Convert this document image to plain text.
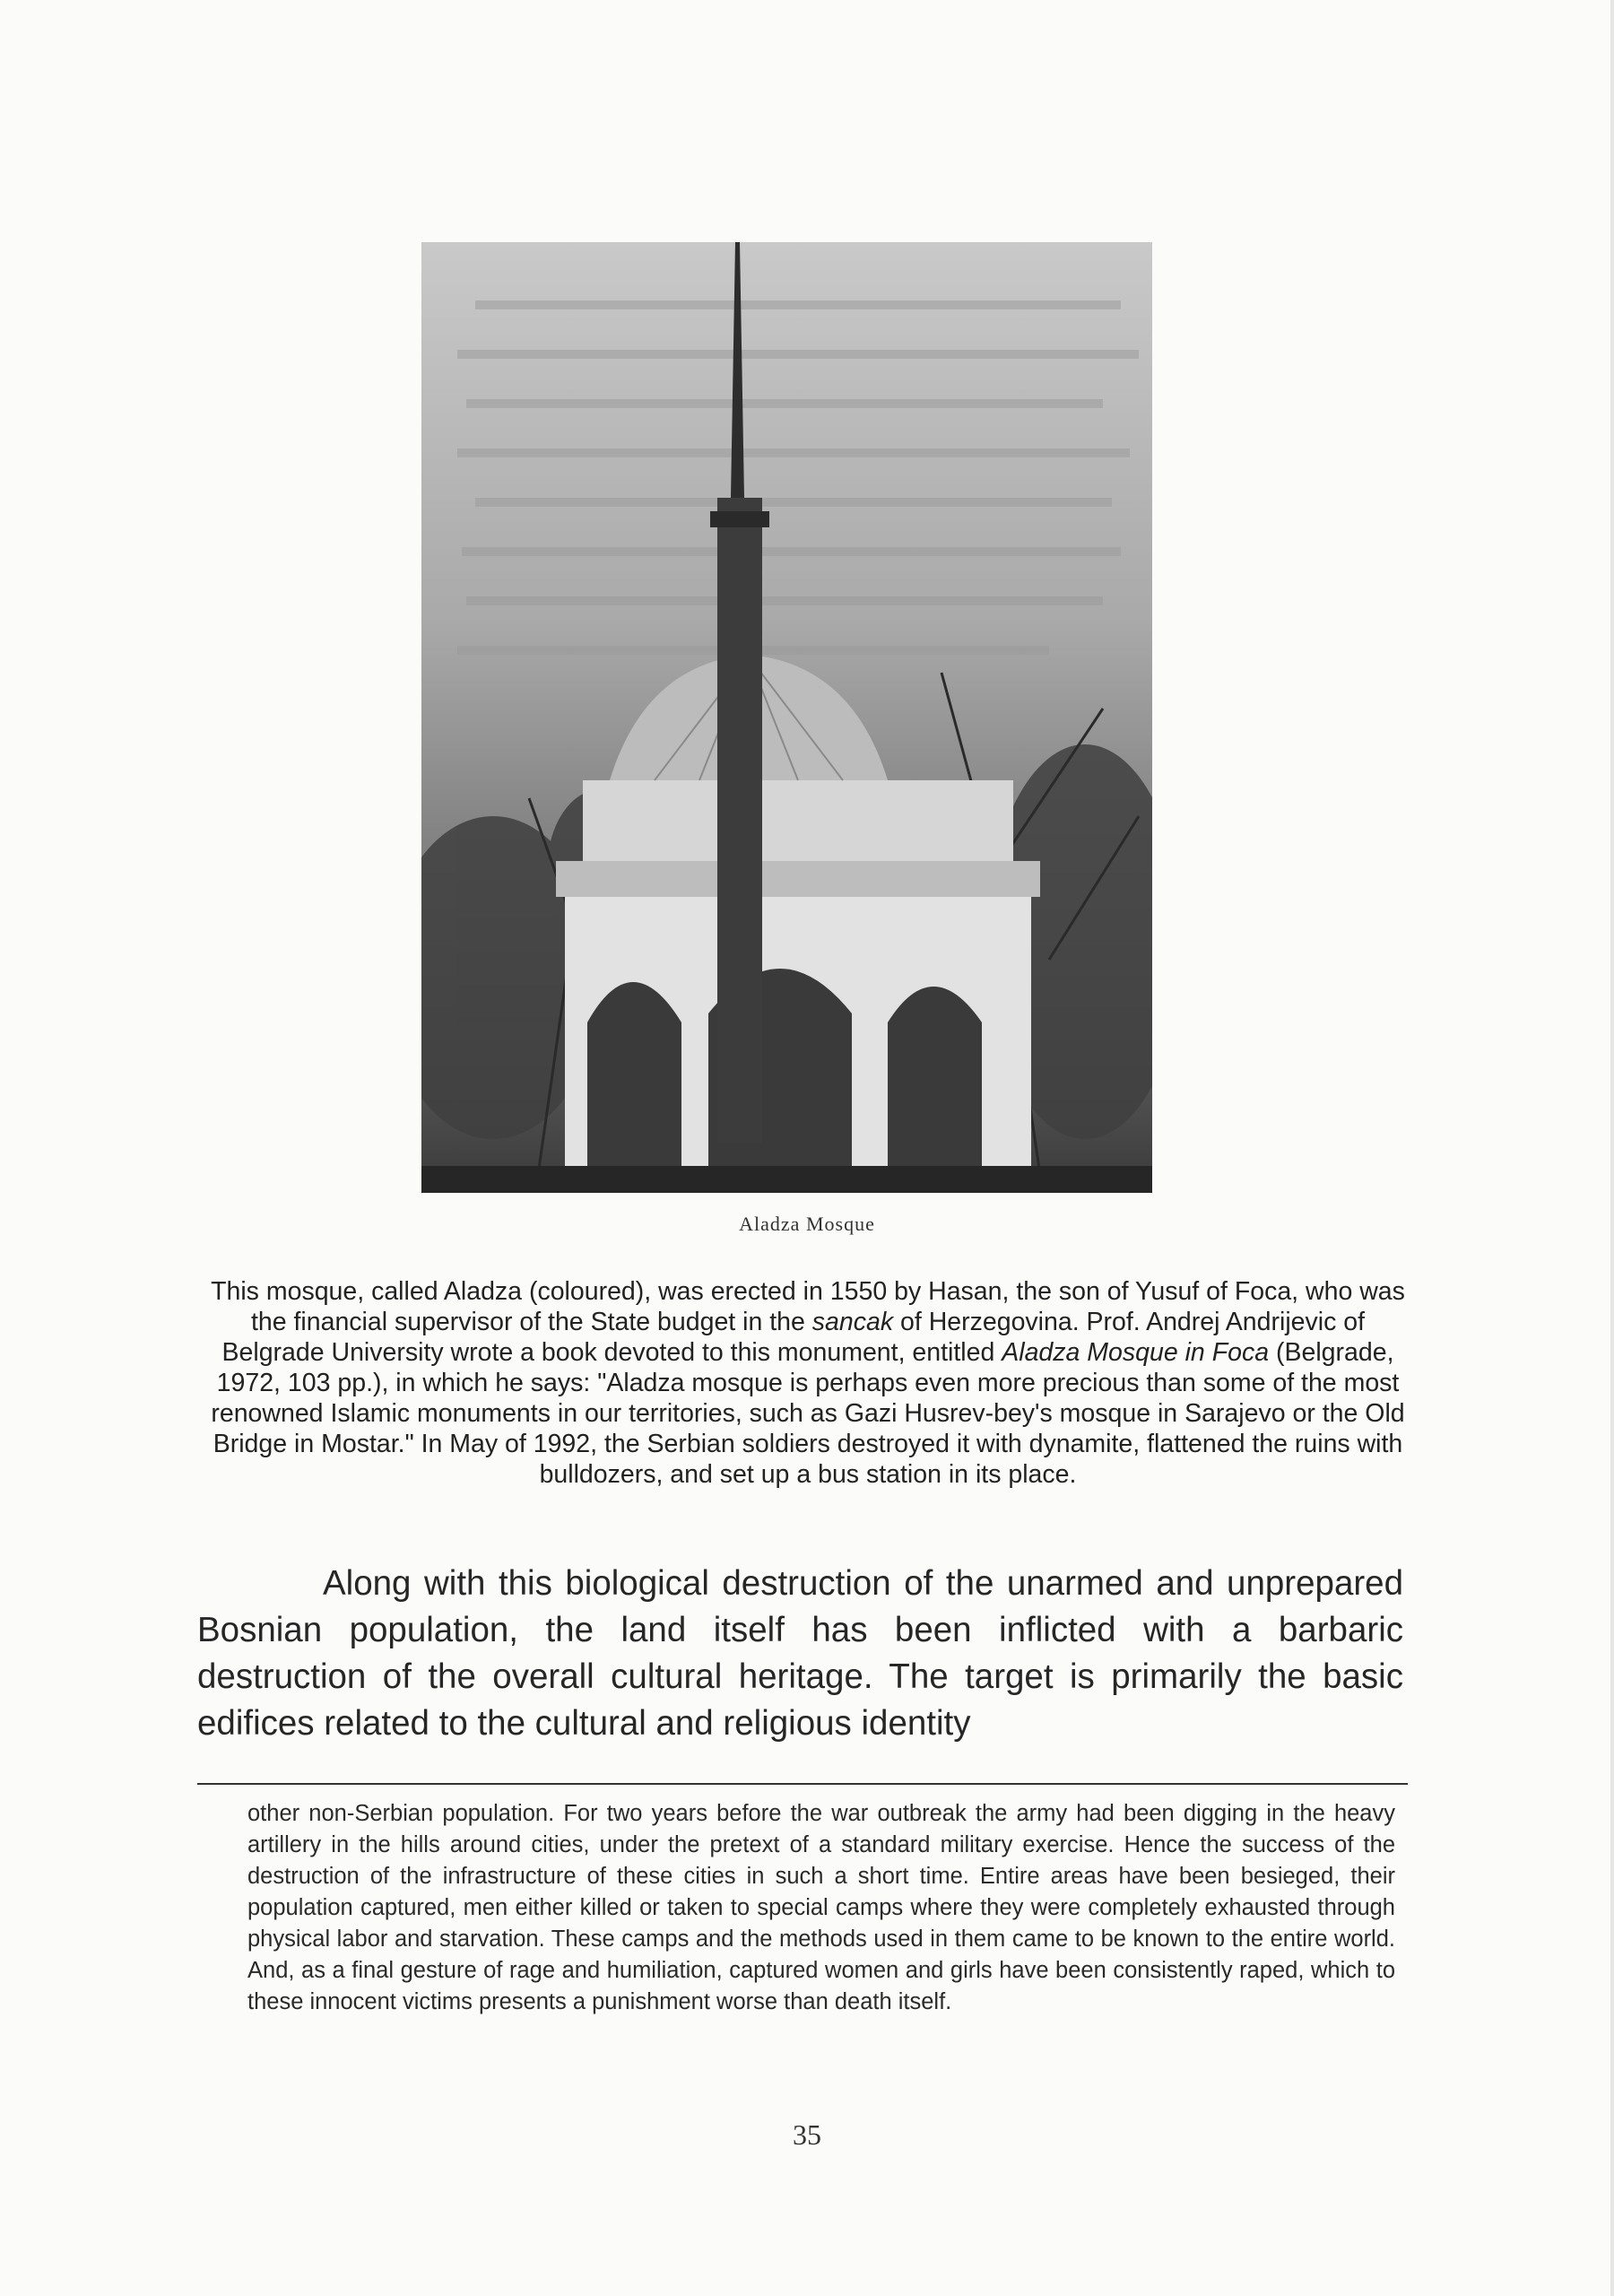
Aladza Mosque
This mosque, called Aladza (coloured), was erected in 1550 by Hasan, the son of Yusuf of Foca, who was the financial supervisor of the State budget in the sancak of Herzegovina. Prof. Andrej Andrijevic of Belgrade University wrote a book devoted to this monument, entitled Aladza Mosque in Foca (Belgrade, 1972, 103 pp.), in which he says: "Aladza mosque is perhaps even more precious than some of the most renowned Islamic monuments in our territories, such as Gazi Husrev-bey's mosque in Sarajevo or the Old Bridge in Mostar." In May of 1992, the Serbian soldiers destroyed it with dynamite, flattened the ruins with bulldozers, and set up a bus station in its place.
Along with this biological destruction of the unarmed and unprepared Bosnian population, the land itself has been inflicted with a barbaric destruction of the overall cultural heritage. The target is primarily the basic edifices related to the cultural and religious identity
other non-Serbian population. For two years before the war outbreak the army had been digging in the heavy artillery in the hills around cities, under the pretext of a standard military exercise. Hence the success of the destruction of the infrastructure of these cities in such a short time. Entire areas have been besieged, their population captured, men either killed or taken to special camps where they were completely exhausted through physical labor and starvation. These camps and the methods used in them came to be known to the entire world. And, as a final gesture of rage and humiliation, captured women and girls have been consistently raped, which to these innocent victims presents a punishment worse than death itself.
35
